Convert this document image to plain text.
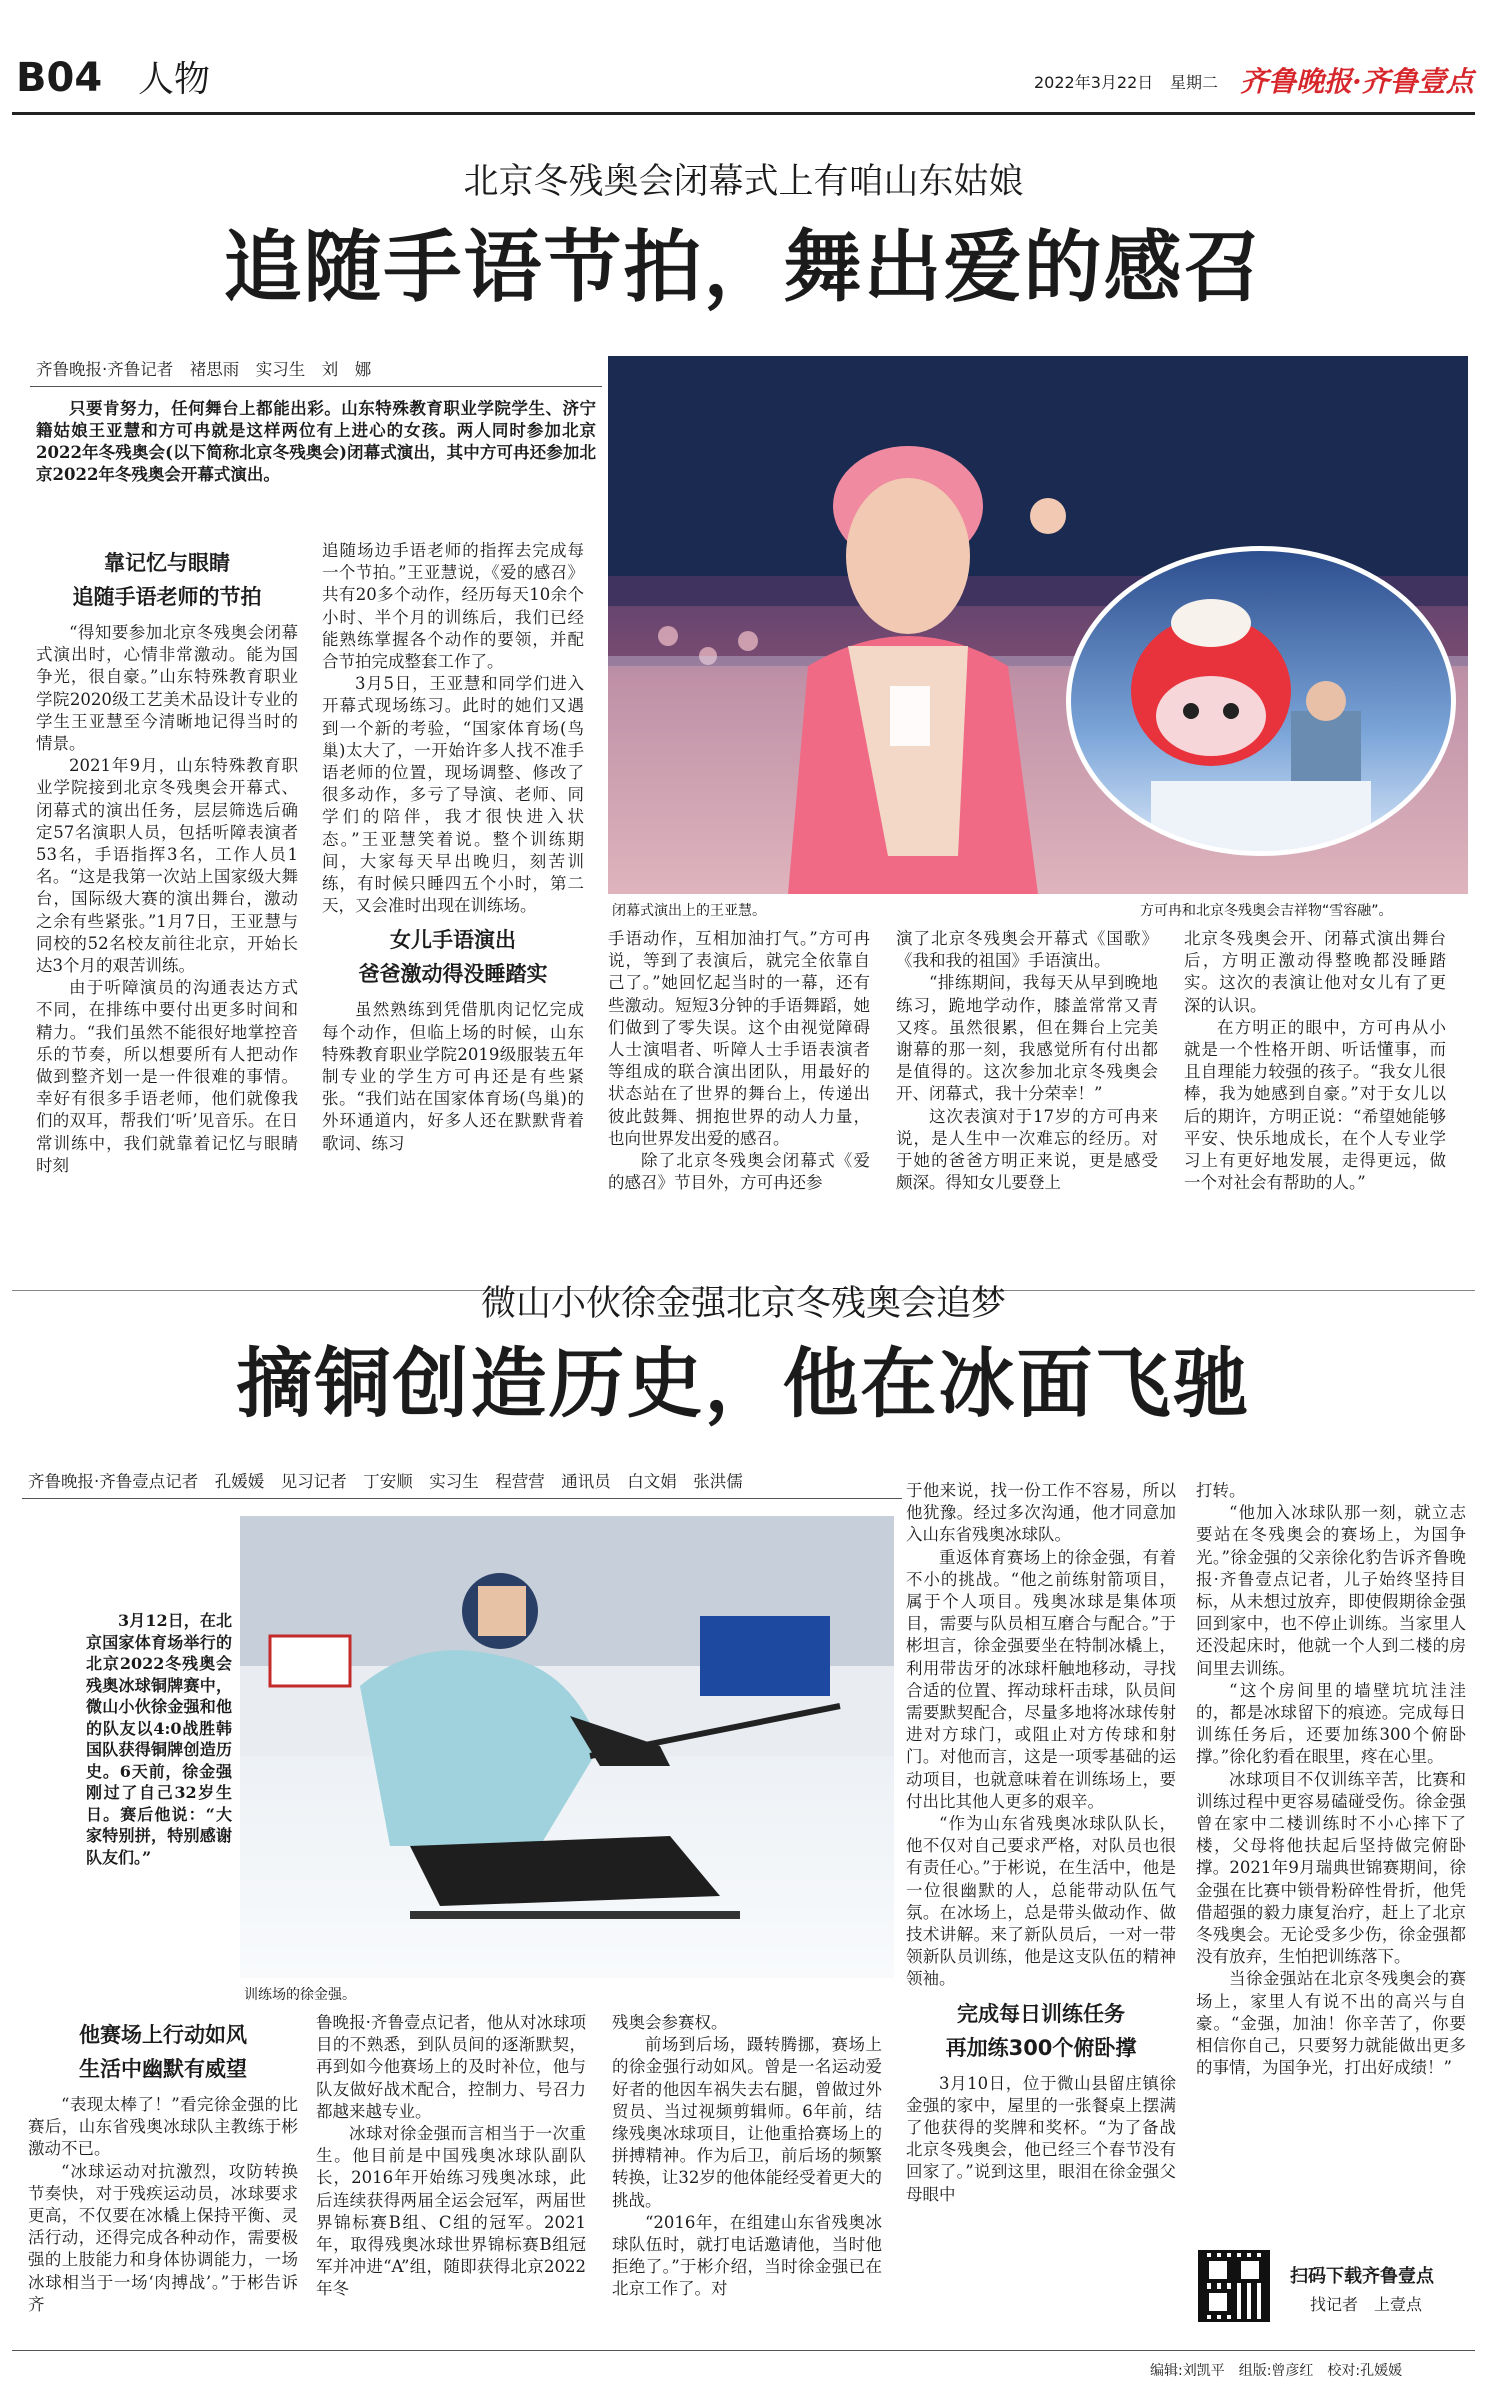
B04 人物	2022年3月22日 星期二 齐鲁晚报·齐鲁壹点
北京冬残奥会闭幕式上有咱山东姑娘
追随手语节拍，舞出爱的感召
齐鲁晚报·齐鲁记者　褚思雨　实习生　刘　娜

只要肯努力，任何舞台上都能出彩。山东特殊教育职业学院学生、济宁籍姑娘王亚慧和方可冉就是这样两位有上进心的女孩。两人同时参加北京2022年冬残奥会(以下简称北京冬残奥会)闭幕式演出，其中方可冉还参加北京2022年冬残奥会开幕式演出。

靠记忆与眼睛
追随手语老师的节拍

“得知要参加北京冬残奥会闭幕式演出时，心情非常激动。能为国争光，很自豪。”山东特殊教育职业学院2020级工艺美术品设计专业的学生王亚慧至今清晰地记得当时的情景。

2021年9月，山东特殊教育职业学院接到北京冬残奥会开幕式、闭幕式的演出任务，层层筛选后确定57名演职人员，包括听障表演者53名，手语指挥3名，工作人员1名。“这是我第一次站上国家级大舞台，国际级大赛的演出舞台，激动之余有些紧张。”1月7日，王亚慧与同校的52名校友前往北京，开始长达3个月的艰苦训练。

由于听障演员的沟通表达方式不同，在排练中要付出更多时间和精力。“我们虽然不能很好地掌控音乐的节奏，所以想要所有人把动作做到整齐划一是一件很难的事情。幸好有很多手语老师，他们就像我们的双耳，帮我们‘听’见音乐。在日常训练中，我们就靠着记忆与眼睛时刻

追随场边手语老师的指挥去完成每一个节拍。”王亚慧说，《爱的感召》共有20多个动作，经历每天10余个小时、半个月的训练后，我们已经能熟练掌握各个动作的要领，并配合节拍完成整套工作了。

3月5日，王亚慧和同学们进入开幕式现场练习。此时的她们又遇到一个新的考验，“国家体育场(鸟巢)太大了，一开始许多人找不准手语老师的位置，现场调整、修改了很多动作，多亏了导演、老师、同学们的陪伴，我才很快进入状态。”王亚慧笑着说。整个训练期间，大家每天早出晚归，刻苦训练，有时候只睡四五个小时，第二天，又会准时出现在训练场。

女儿手语演出
爸爸激动得没睡踏实

虽然熟练到凭借肌肉记忆完成每个动作，但临上场的时候，山东特殊教育职业学院2019级服装五年制专业的学生方可冉还是有些紧张。“我们站在国家体育场(鸟巢)的外环通道内，好多人还在默默背着歌词、练习

闭幕式演出上的王亚慧。	方可冉和北京冬残奥会吉祥物“雪容融”。

手语动作，互相加油打气。”方可冉说，等到了表演后，就完全依靠自己了。”她回忆起当时的一幕，还有些激动。短短3分钟的手语舞蹈，她们做到了零失误。这个由视觉障碍人士演唱者、听障人士手语表演者等组成的联合演出团队，用最好的状态站在了世界的舞台上，传递出彼此鼓舞、拥抱世界的动人力量，也向世界发出爱的感召。

除了北京冬残奥会闭幕式《爱的感召》节目外，方可冉还参

演了北京冬残奥会开幕式《国歌》《我和我的祖国》手语演出。

“排练期间，我每天从早到晚地练习，跪地学动作，膝盖常常又青又疼。虽然很累，但在舞台上完美谢幕的那一刻，我感觉所有付出都是值得的。这次参加北京冬残奥会开、闭幕式，我十分荣幸！”

这次表演对于17岁的方可冉来说，是人生中一次难忘的经历。对于她的爸爸方明正来说，更是感受颇深。得知女儿要登上

北京冬残奥会开、闭幕式演出舞台后，方明正激动得整晚都没睡踏实。这次的表演让他对女儿有了更深的认识。

在方明正的眼中，方可冉从小就是一个性格开朗、听话懂事，而且自理能力较强的孩子。“我女儿很棒，我为她感到自豪。”对于女儿以后的期许，方明正说：“希望她能够平安、快乐地成长，在个人专业学习上有更好地发展，走得更远，做一个对社会有帮助的人。”

微山小伙徐金强北京冬残奥会追梦
摘铜创造历史，他在冰面飞驰
齐鲁晚报·齐鲁壹点记者　孔媛媛　见习记者　丁安顺　实习生　程营营　通讯员　白文娟　张洪儒

3月12日，在北京国家体育场举行的北京2022冬残奥会残奥冰球铜牌赛中，微山小伙徐金强和他的队友以4:0战胜韩国队获得铜牌创造历史。6天前，徐金强刚过了自己32岁生日。赛后他说：“大家特别拼，特别感谢队友们。”

训练场的徐金强。
他赛场上行动如风
生活中幽默有威望

“表现太棒了！”看完徐金强的比赛后，山东省残奥冰球队主教练于彬激动不已。

“冰球运动对抗激烈，攻防转换节奏快，对于残疾运动员，冰球要求更高，不仅要在冰橇上保持平衡、灵活行动，还得完成各种动作，需要极强的上肢能力和身体协调能力，一场冰球相当于一场‘肉搏战’。”于彬告诉齐

鲁晚报·齐鲁壹点记者，他从对冰球项目的不熟悉，到队员间的逐渐默契，再到如今他赛场上的及时补位，他与队友做好战术配合，控制力、号召力都越来越专业。

冰球对徐金强而言相当于一次重生。他目前是中国残奥冰球队副队长，2016年开始练习残奥冰球，此后连续获得两届全运会冠军，两届世界锦标赛B组、C组的冠军。2021年，取得残奥冰球世界锦标赛B组冠军并冲进“A”组，随即获得北京2022年冬

残奥会参赛权。

前场到后场，蹑转腾挪，赛场上的徐金强行动如风。曾是一名运动爱好者的他因车祸失去右腿，曾做过外贸员、当过视频剪辑师。6年前，结缘残奥冰球项目，让他重拾赛场上的拼搏精神。作为后卫，前后场的频繁转换，让32岁的他体能经受着更大的挑战。

“2016年，在组建山东省残奥冰球队伍时，就打电话邀请他，当时他拒绝了。”于彬介绍，当时徐金强已在北京工作了。对

于他来说，找一份工作不容易，所以他犹豫。经过多次沟通，他才同意加入山东省残奥冰球队。

重返体育赛场上的徐金强，有着不小的挑战。“他之前练射箭项目，属于个人项目。残奥冰球是集体项目，需要与队员相互磨合与配合。”于彬坦言，徐金强要坐在特制冰橇上，利用带齿牙的冰球杆触地移动，寻找合适的位置、挥动球杆击球，队员间需要默契配合，尽量多地将冰球传射进对方球门，或阻止对方传球和射门。对他而言，这是一项零基础的运动项目，也就意味着在训练场上，要付出比其他人更多的艰辛。

“作为山东省残奥冰球队队长，他不仅对自己要求严格，对队员也很有责任心。”于彬说，在生活中，他是一位很幽默的人，总能带动队伍气氛。在冰场上，总是带头做动作、做技术讲解。来了新队员后，一对一带领新队员训练，他是这支队伍的精神领袖。

完成每日训练任务
再加练300个俯卧撑

3月10日，位于微山县留庄镇徐金强的家中，屋里的一张餐桌上摆满了他获得的奖牌和奖杯。“为了备战北京冬残奥会，他已经三个春节没有回家了。”说到这里，眼泪在徐金强父母眼中

打转。

“他加入冰球队那一刻，就立志要站在冬残奥会的赛场上，为国争光。”徐金强的父亲徐化豹告诉齐鲁晚报·齐鲁壹点记者，儿子始终坚持目标，从未想过放弃，即使假期徐金强回到家中，也不停止训练。当家里人还没起床时，他就一个人到二楼的房间里去训练。

“这个房间里的墙壁坑坑洼洼的，都是冰球留下的痕迹。完成每日训练任务后，还要加练300个俯卧撑。”徐化豹看在眼里，疼在心里。

冰球项目不仅训练辛苦，比赛和训练过程中更容易磕碰受伤。徐金强曾在家中二楼训练时不小心摔下了楼，父母将他扶起后坚持做完俯卧撑。2021年9月瑞典世锦赛期间，徐金强在比赛中锁骨粉碎性骨折，他凭借超强的毅力康复治疗，赶上了北京冬残奥会。无论受多少伤，徐金强都没有放弃，生怕把训练落下。

当徐金强站在北京冬残奥会的赛场上，家里人有说不出的高兴与自豪。“金强，加油！你辛苦了，你要相信你自己，只要努力就能做出更多的事情，为国争光，打出好成绩！”

扫码下载齐鲁壹点
找记者　上壹点
编辑:刘凯平　组版:曾彦红　校对:孔媛媛
